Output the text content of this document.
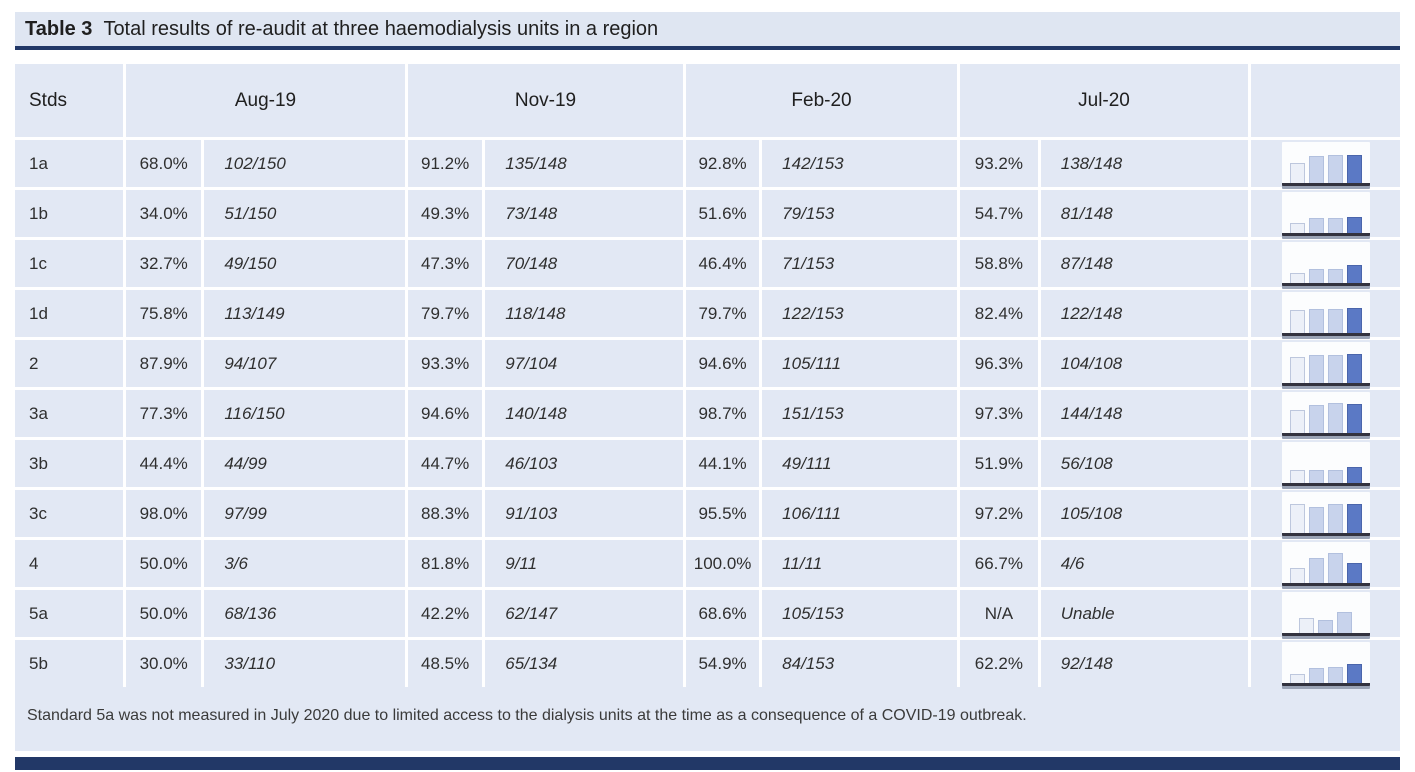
Table 3 Total results of re-audit at three haemodialysis units in a region
Stds	Aug-19	Nov-19	Feb-20	Jul-20
1a	68.0%	102/150	91.2%	135/148	92.8%	142/153	93.2%	138/148
1b	34.0%	51/150	49.3%	73/148	51.6%	79/153	54.7%	81/148
1c	32.7%	49/150	47.3%	70/148	46.4%	71/153	58.8%	87/148
1d	75.8%	113/149	79.7%	118/148	79.7%	122/153	82.4%	122/148
2	87.9%	94/107	93.3%	97/104	94.6%	105/111	96.3%	104/108
3a	77.3%	116/150	94.6%	140/148	98.7%	151/153	97.3%	144/148
3b	44.4%	44/99	44.7%	46/103	44.1%	49/111	51.9%	56/108
3c	98.0%	97/99	88.3%	91/103	95.5%	106/111	97.2%	105/108
4	50.0%	3/6	81.8%	9/11	100.0%	11/11	66.7%	4/6
5a	50.0%	68/136	42.2%	62/147	68.6%	105/153	N/A	Unable
5b	30.0%	33/110	48.5%	65/134	54.9%	84/153	62.2%	92/148
Standard 5a was not measured in July 2020 due to limited access to the dialysis units at the time as a consequence of a COVID-19 outbreak.
